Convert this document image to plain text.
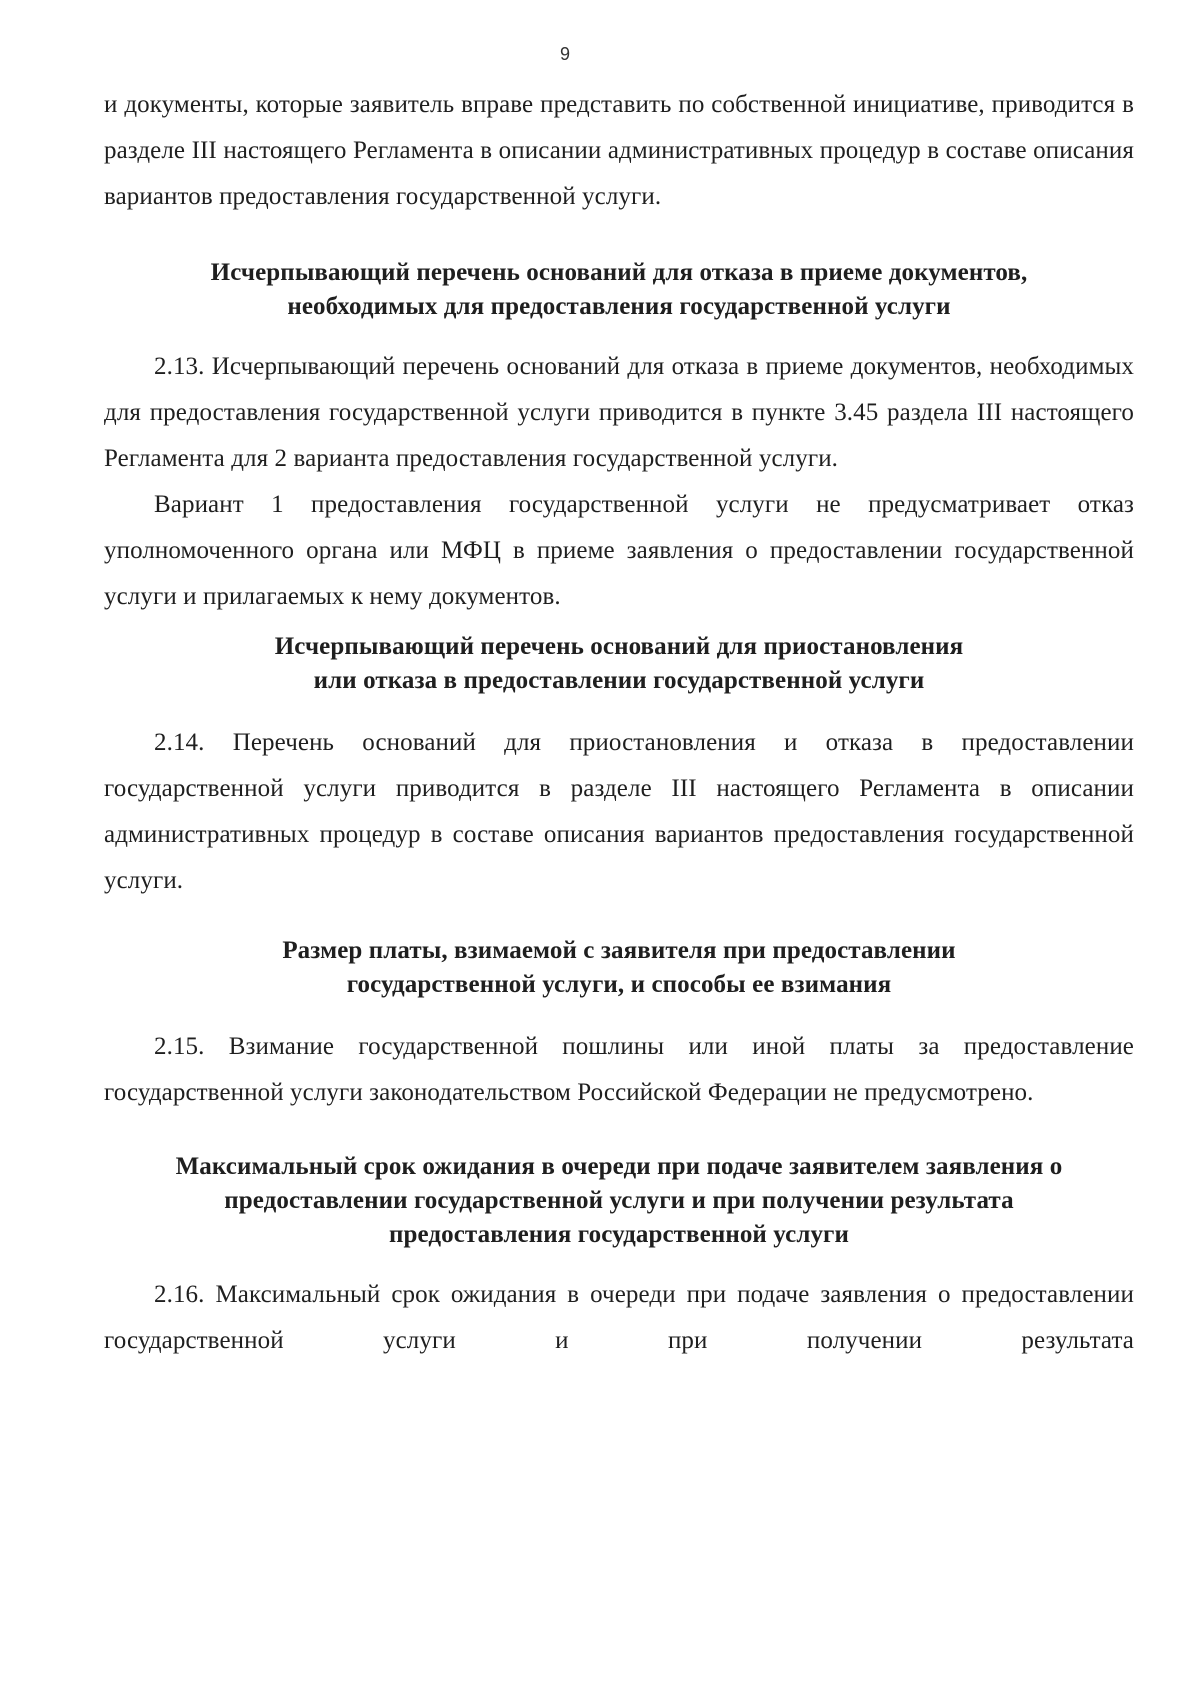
9

и документы, которые заявитель вправе представить по собственной инициативе, приводится в разделе III настоящего Регламента в описании административных процедур в составе описания вариантов предоставления государственной услуги.

Исчерпывающий перечень оснований для отказа в приеме документов,
необходимых для предоставления государственной услуги

2.13. Исчерпывающий перечень оснований для отказа в приеме документов, необходимых для предоставления государственной услуги приводится в пункте 3.45 раздела III настоящего Регламента для 2 варианта предоставления государственной услуги.

Вариант 1 предоставления государственной услуги не предусматривает отказ уполномоченного органа или МФЦ в приеме заявления о предоставлении государственной услуги и прилагаемых к нему документов.

Исчерпывающий перечень оснований для приостановления
или отказа в предоставлении государственной услуги

2.14. Перечень оснований для приостановления и отказа в предоставлении государственной услуги приводится в разделе III настоящего Регламента в описании административных процедур в составе описания вариантов предоставления государственной услуги.

Размер платы, взимаемой с заявителя при предоставлении
государственной услуги, и способы ее взимания

2.15. Взимание государственной пошлины или иной платы за предоставление государственной услуги законодательством Российской Федерации не предусмотрено.

Максимальный срок ожидания в очереди при подаче заявителем заявления о
предоставлении государственной услуги и при получении результата
предоставления государственной услуги

2.16. Максимальный срок ожидания в очереди при подаче заявления о предоставлении государственной услуги и при получении результата
